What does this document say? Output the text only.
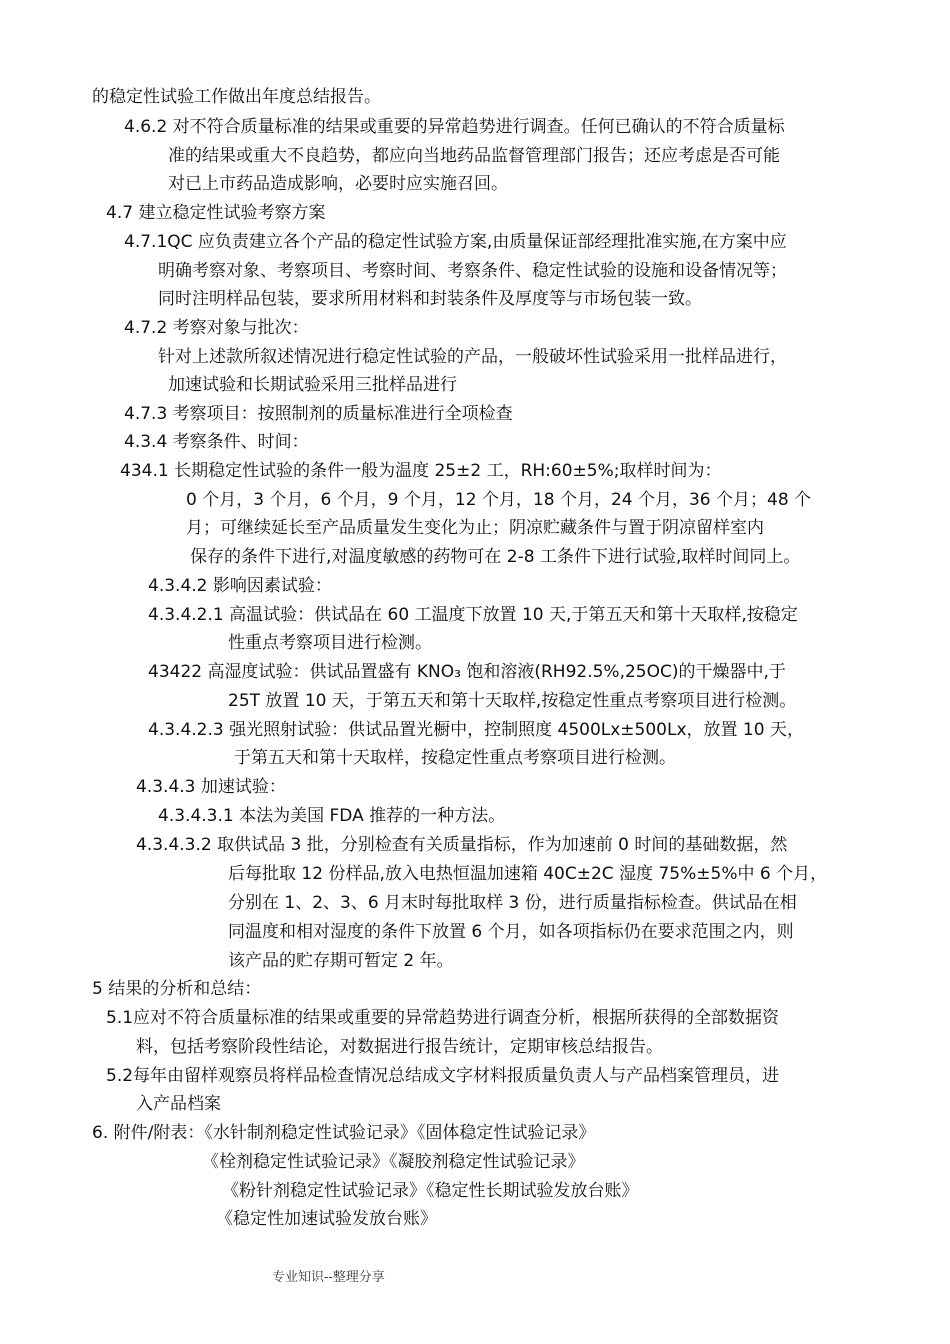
的稳定性试验工作做出年度总结报告。
4.6.2 对不符合质量标准的结果或重要的异常趋势进行调查。任何已确认的不符合质量标
准的结果或重大不良趋势，都应向当地药品监督管理部门报告；还应考虑是否可能
对已上市药品造成影响，必要时应实施召回。
4.7 建立稳定性试验考察方案
4.7.1QC 应负责建立各个产品的稳定性试验方案,由质量保证部经理批准实施,在方案中应
明确考察对象、考察项目、考察时间、考察条件、稳定性试验的设施和设备情况等；
同时注明样品包装，要求所用材料和封装条件及厚度等与市场包装一致。
4.7.2 考察对象与批次：
针对上述款所叙述情况进行稳定性试验的产品，一般破坏性试验采用一批样品进行，
加速试验和长期试验采用三批样品进行
4.7.3 考察项目：按照制剂的质量标准进行全项检查
4.3.4 考察条件、时间：
434.1 长期稳定性试验的条件一般为温度 25±2 工，RH:60±5%;取样时间为：
0 个月，3 个月，6 个月，9 个月，12 个月，18 个月，24 个月，36 个月；48 个
月；可继续延长至产品质量发生变化为止；阴凉贮藏条件与置于阴凉留样室内
保存的条件下进行,对温度敏感的药物可在 2-8 工条件下进行试验,取样时间同上。
4.3.4.2 影响因素试验：
4.3.4.2.1 高温试验：供试品在 60 工温度下放置 10 天,于第五天和第十天取样,按稳定
性重点考察项目进行检测。
43422 高湿度试验：供试品置盛有 KNO₃ 饱和溶液(RH92.5%,25OC)的干燥器中,于
25T 放置 10 天，于第五天和第十天取样,按稳定性重点考察项目进行检测。
4.3.4.2.3 强光照射试验：供试品置光橱中，控制照度 4500Lx±500Lx，放置 10 天，
于第五天和第十天取样，按稳定性重点考察项目进行检测。
4.3.4.3 加速试验：
4.3.4.3.1 本法为美国 FDA 推荐的一种方法。
4.3.4.3.2 取供试品 3 批，分别检查有关质量指标，作为加速前 0 时间的基础数据，然
后每批取 12 份样品,放入电热恒温加速箱 40C±2C 湿度 75%±5%中 6 个月，
分别在 1、2、3、6 月末时每批取样 3 份，进行质量指标检查。供试品在相
同温度和相对湿度的条件下放置 6 个月，如各项指标仍在要求范围之内，则
该产品的贮存期可暂定 2 年。
5 结果的分析和总结：
5.1应对不符合质量标准的结果或重要的异常趋势进行调查分析，根据所获得的全部数据资
料，包括考察阶段性结论，对数据进行报告统计，定期审核总结报告。
5.2每年由留样观察员将样品检查情况总结成文字材料报质量负责人与产品档案管理员，进
入产品档案
6. 附件/附表：《水针制剂稳定性试验记录》《固体稳定性试验记录》
《栓剂稳定性试验记录》《凝胶剂稳定性试验记录》
《粉针剂稳定性试验记录》《稳定性长期试验发放台账》
《稳定性加速试验发放台账》
专业知识--整理分享
